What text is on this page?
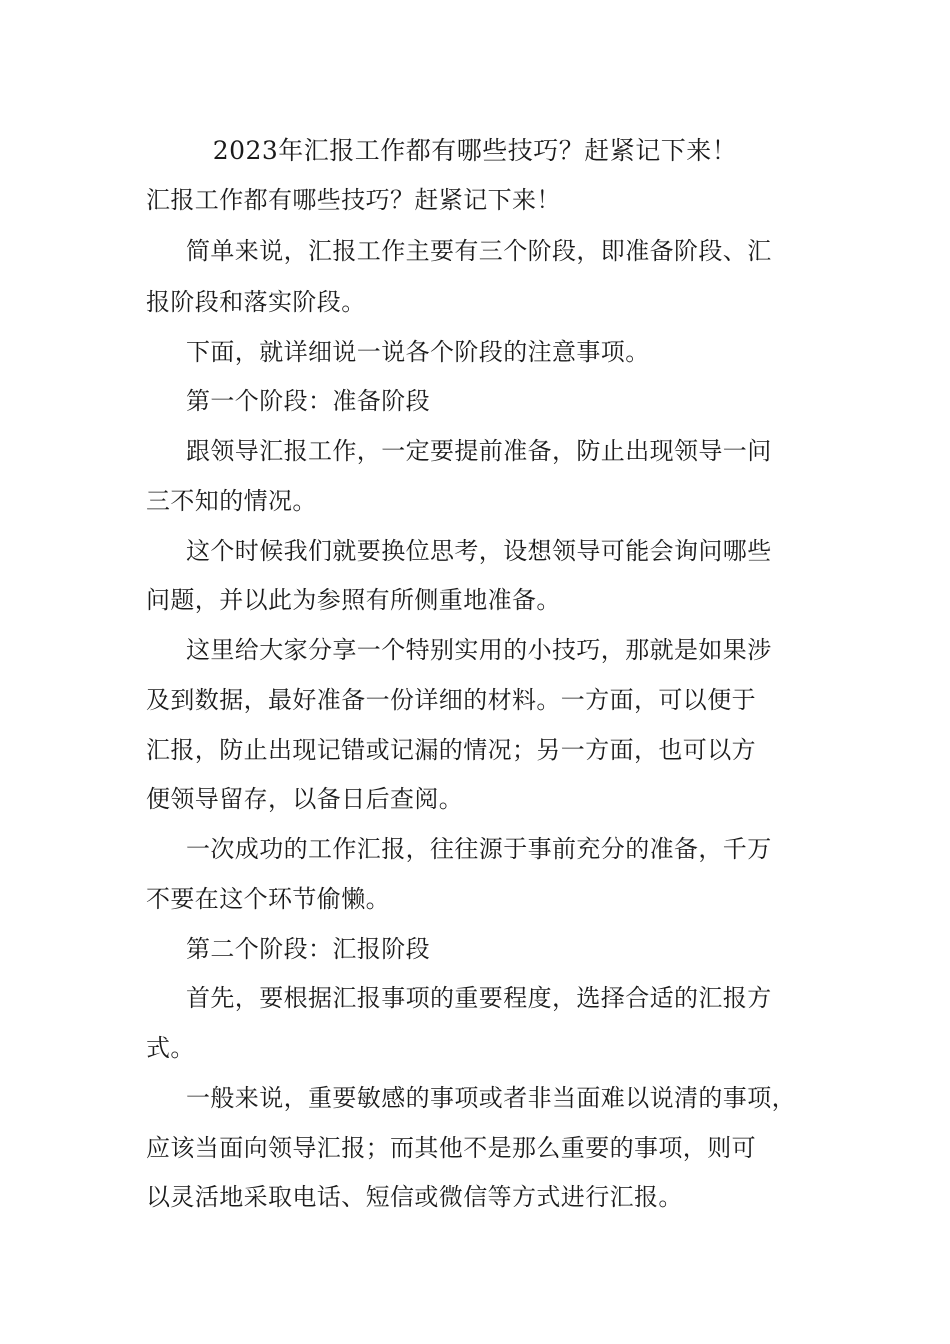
2023年汇报工作都有哪些技巧？赶紧记下来！
汇报工作都有哪些技巧？赶紧记下来！
简单来说，汇报工作主要有三个阶段，即准备阶段、汇
报阶段和落实阶段。
下面，就详细说一说各个阶段的注意事项。
第一个阶段：准备阶段
跟领导汇报工作，一定要提前准备，防止出现领导一问
三不知的情况。
这个时候我们就要换位思考，设想领导可能会询问哪些
问题，并以此为参照有所侧重地准备。
这里给大家分享一个特别实用的小技巧，那就是如果涉
及到数据，最好准备一份详细的材料。一方面，可以便于
汇报，防止出现记错或记漏的情况；另一方面，也可以方
便领导留存，以备日后查阅。
一次成功的工作汇报，往往源于事前充分的准备，千万
不要在这个环节偷懒。
第二个阶段：汇报阶段
首先，要根据汇报事项的重要程度，选择合适的汇报方
式。
一般来说，重要敏感的事项或者非当面难以说清的事项，
应该当面向领导汇报；而其他不是那么重要的事项，则可
以灵活地采取电话、短信或微信等方式进行汇报。
